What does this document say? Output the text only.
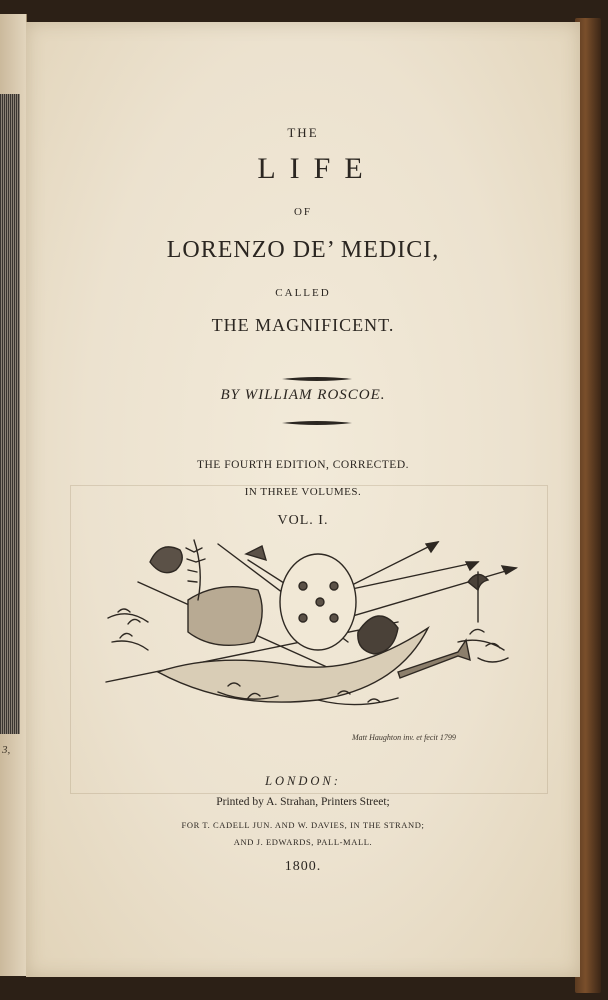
3,

THE

LIFE

OF

LORENZO DE’ MEDICI,

CALLED

THE MAGNIFICENT.

BY WILLIAM ROSCOE.

THE FOURTH EDITION, CORRECTED.

IN THREE VOLUMES.

VOL. I.

Matt Haughton inv. et fecit 1799

LONDON:

Printed by A. Strahan, Printers Street;

FOR T. CADELL JUN. AND W. DAVIES, IN THE STRAND;

AND J. EDWARDS, PALL-MALL.

1800.
